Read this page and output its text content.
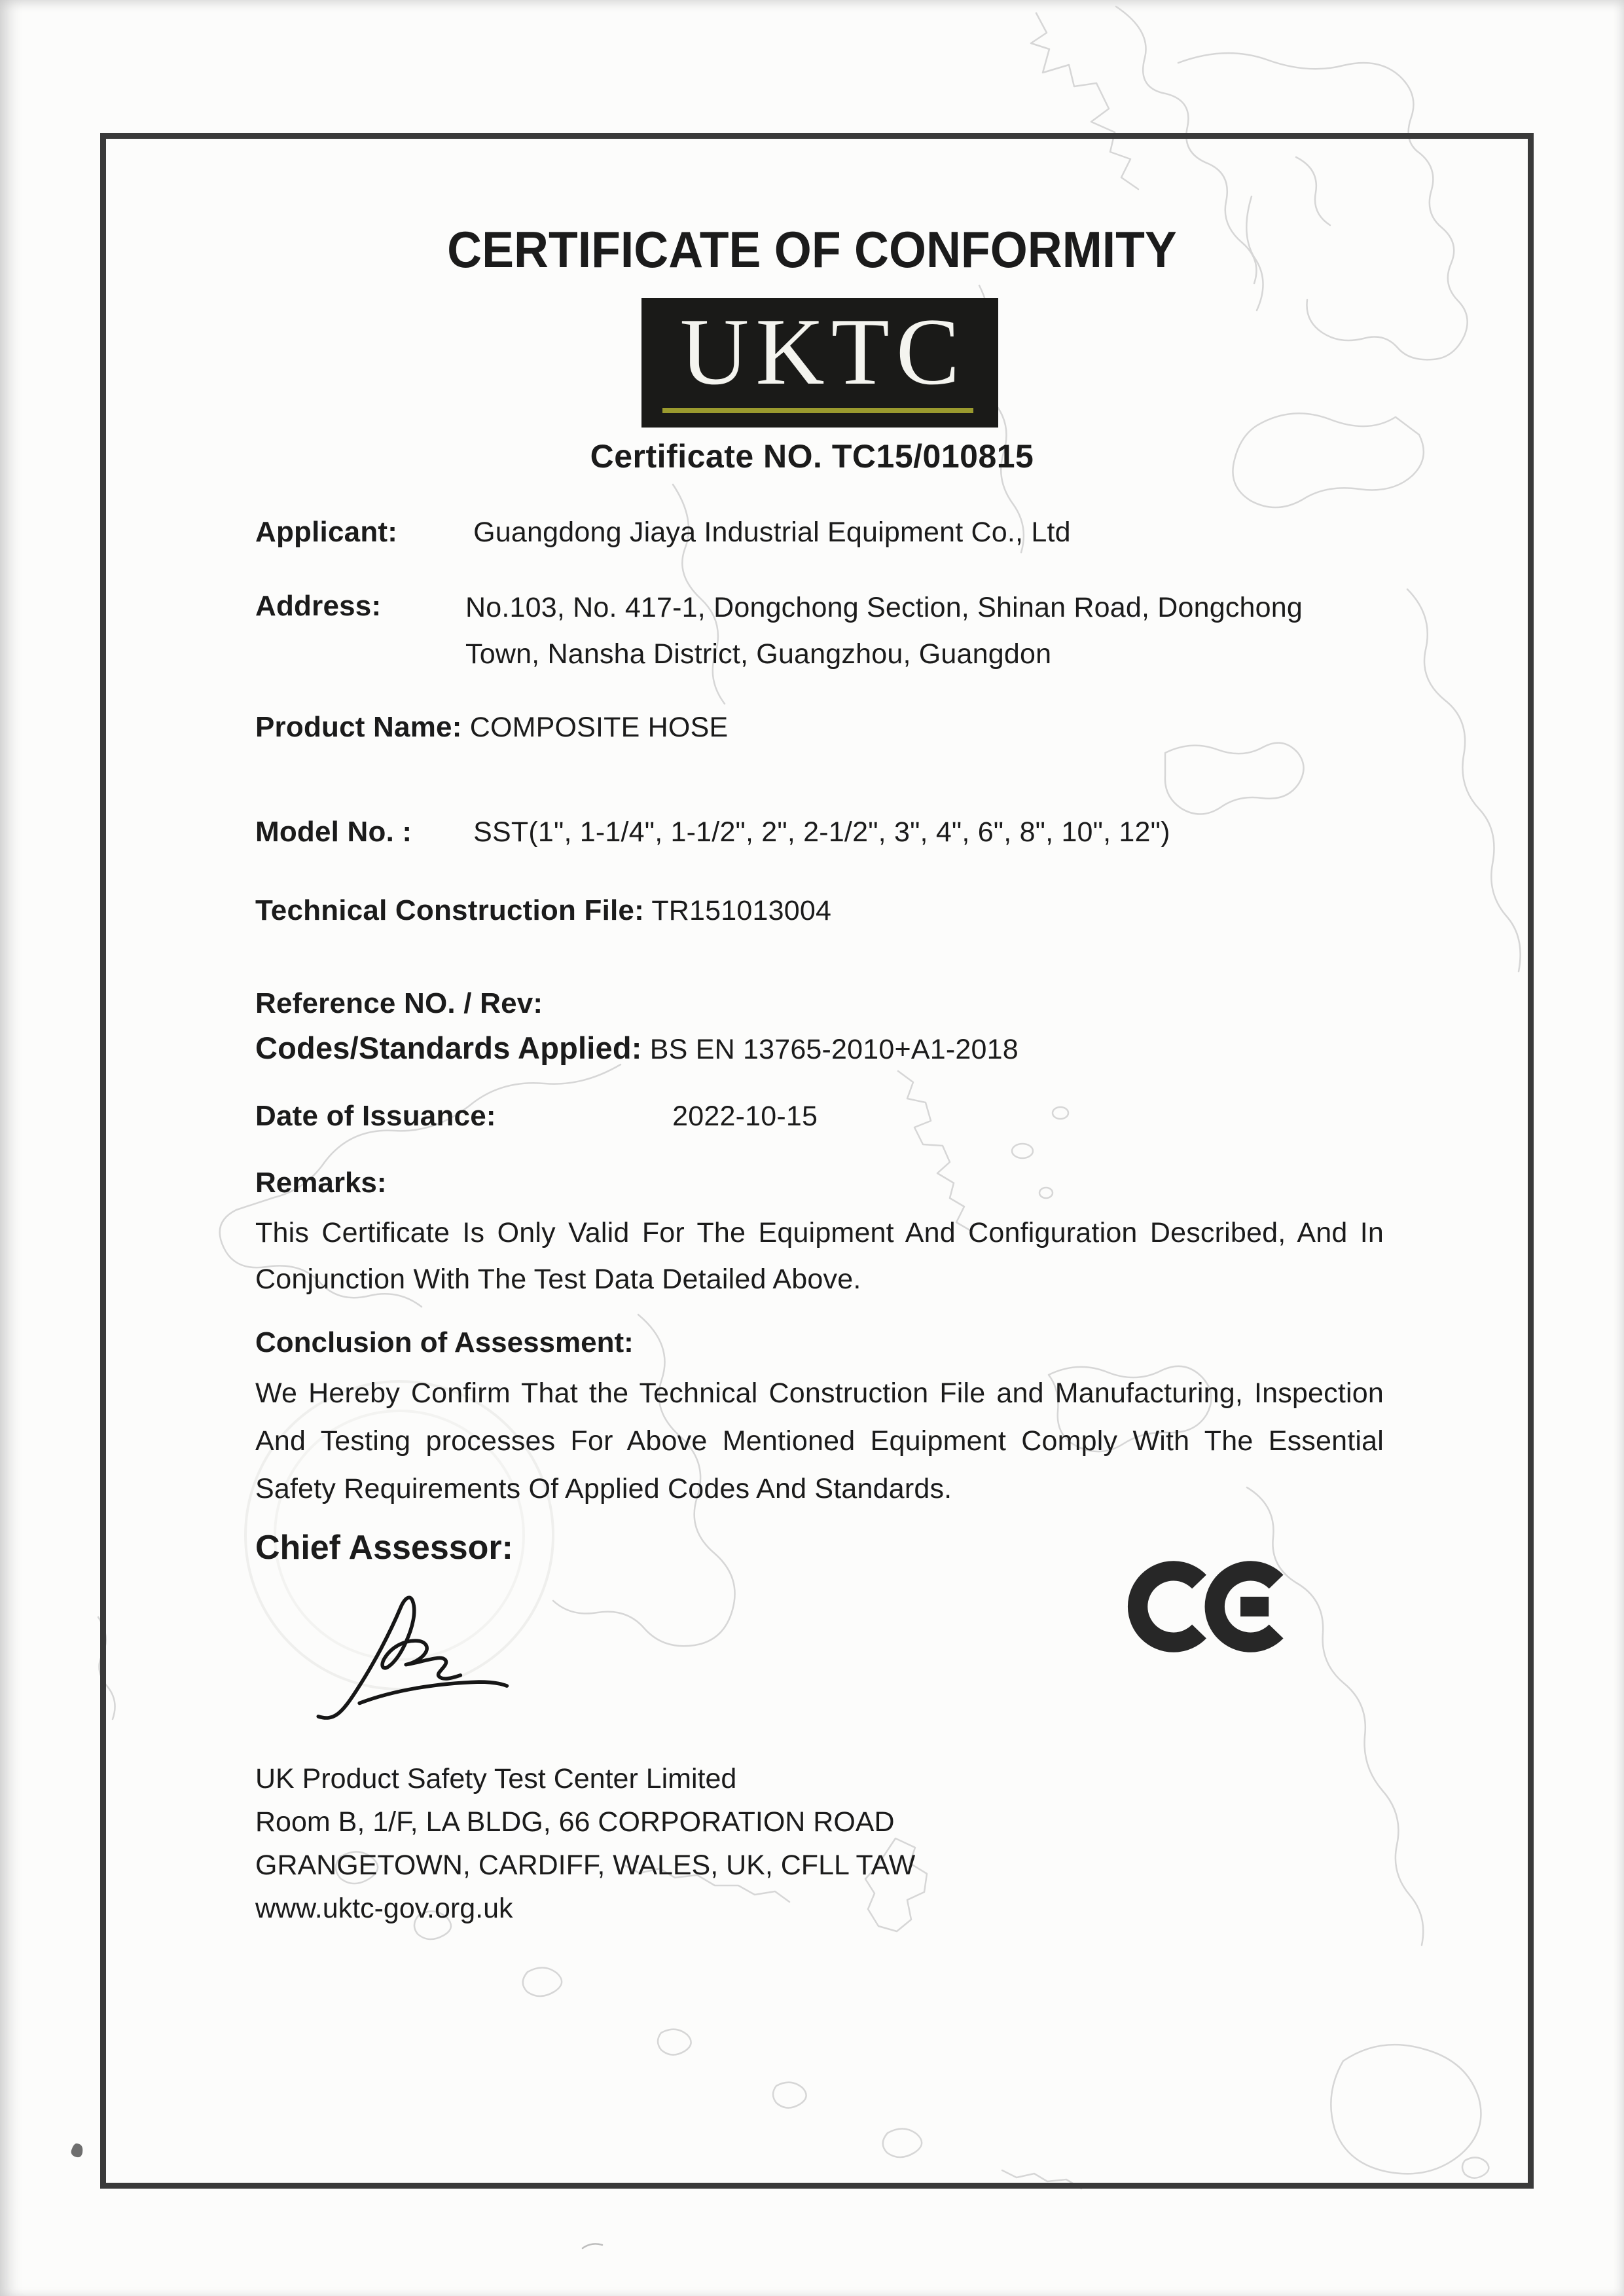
CERTIFICATE OF CONFORMITY
UKTC
Certificate NO. TC15/010815
Applicant:	Guangdong Jiaya Industrial Equipment Co., Ltd
Address:	No.103, No. 417-1, Dongchong Section, Shinan Road, Dongchong
Town, Nansha District, Guangzhou, Guangdon
Product Name: COMPOSITE HOSE
Model No. : SST(1", 1-1/4", 1-1/2", 2", 2-1/2", 3", 4", 6", 8", 10", 12")
Technical Construction File: TR151013004
Reference NO. / Rev:
Codes/Standards Applied: BS EN 13765-2010+A1-2018
Date of Issuance:	2022-10-15
Remarks:
This Certificate Is Only Valid For The Equipment And Configuration Described, And In
Conjunction With The Test Data Detailed Above.
Conclusion of Assessment:
We Hereby Confirm That the Technical Construction File and Manufacturing, Inspection
And Testing processes For Above Mentioned Equipment Comply With The Essential
Safety Requirements Of Applied Codes And Standards.
Chief Assessor:
UK Product Safety Test Center Limited
Room B, 1/F, LA BLDG, 66 CORPORATION ROAD
GRANGETOWN, CARDIFF, WALES, UK, CFLL TAW
www.uktc-gov.org.uk
